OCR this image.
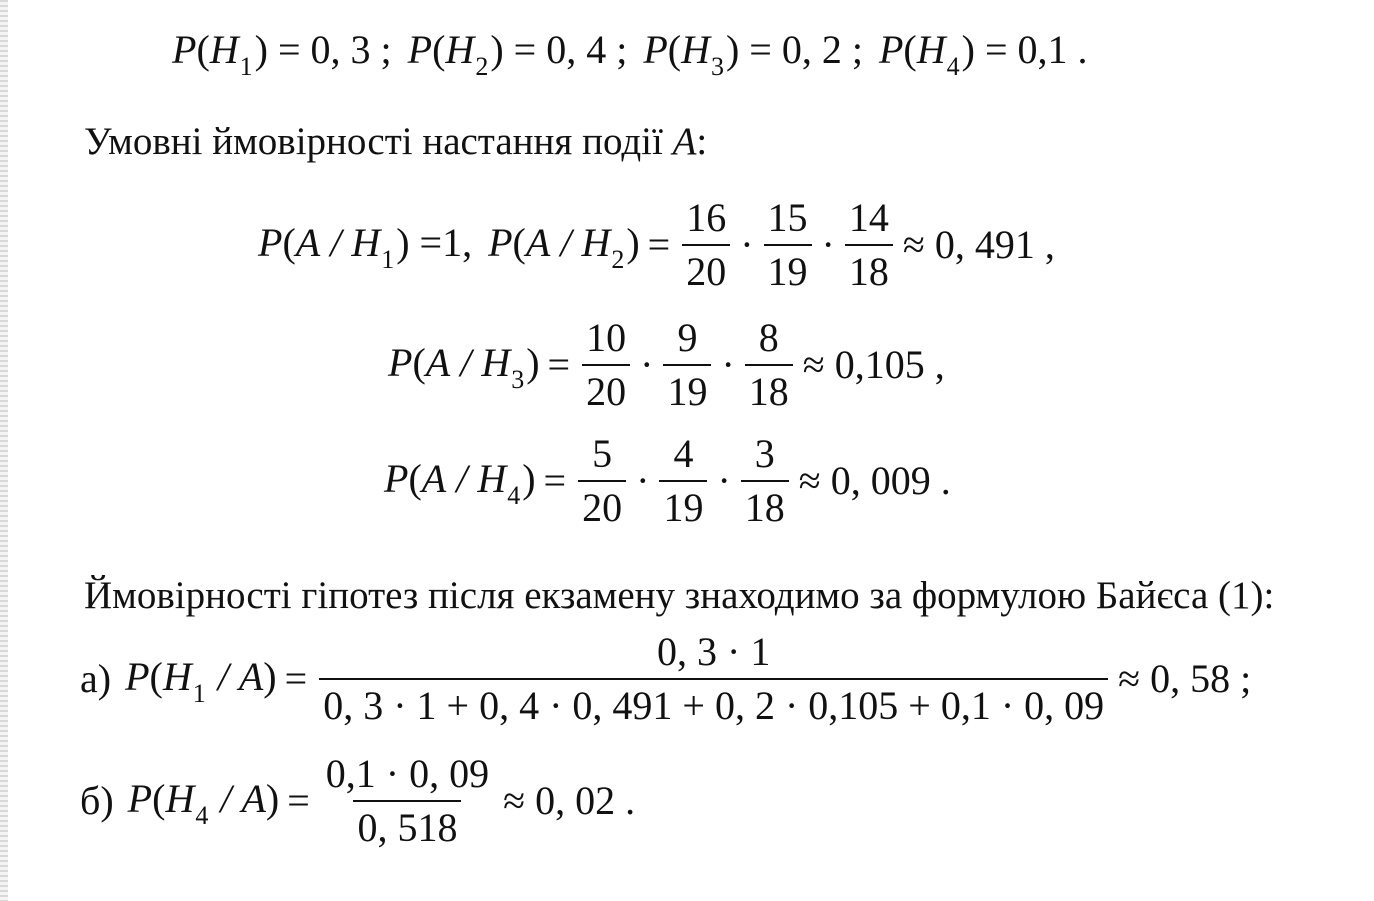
$P(H_1) = 0$, 3 ; $P(H_2) = 0$, 4 ; $P(H_3) = 0$, 2 ; $P(H_4) = 0,1$ .
Умовні ймовірності настання події
A :
$P(A / H_1) =1$, $P(A / H_2) = \frac{16}{20} \cdot \frac{15}{19} \cdot \frac{14}{18} \approx 0$, 491 ,
$P(A / H_3) = \frac{10}{20} \cdot \frac{9}{19} \cdot \frac{8}{18} \approx 0,105$ ,
$P(A / H_4) = \frac{5}{20} \cdot \frac{4}{19} \cdot \frac{3}{18} \approx 0$, 009 .
Ймовірності гіпотез після екзамену знаходимо за формулою Байєса (1):
а) $P(H_1 / A) = \frac{0, 3 \cdot 1}{0, 3 \cdot 1 + 0, 4 \cdot 0, 491 + 0, 2 \cdot 0,105 + 0,1 \cdot 0, 09} \approx 0$, 58 ;
б) $P(H_4 / A) = \frac{0,1 \cdot 0, 09}{0, 518} \approx 0$, 02 .
